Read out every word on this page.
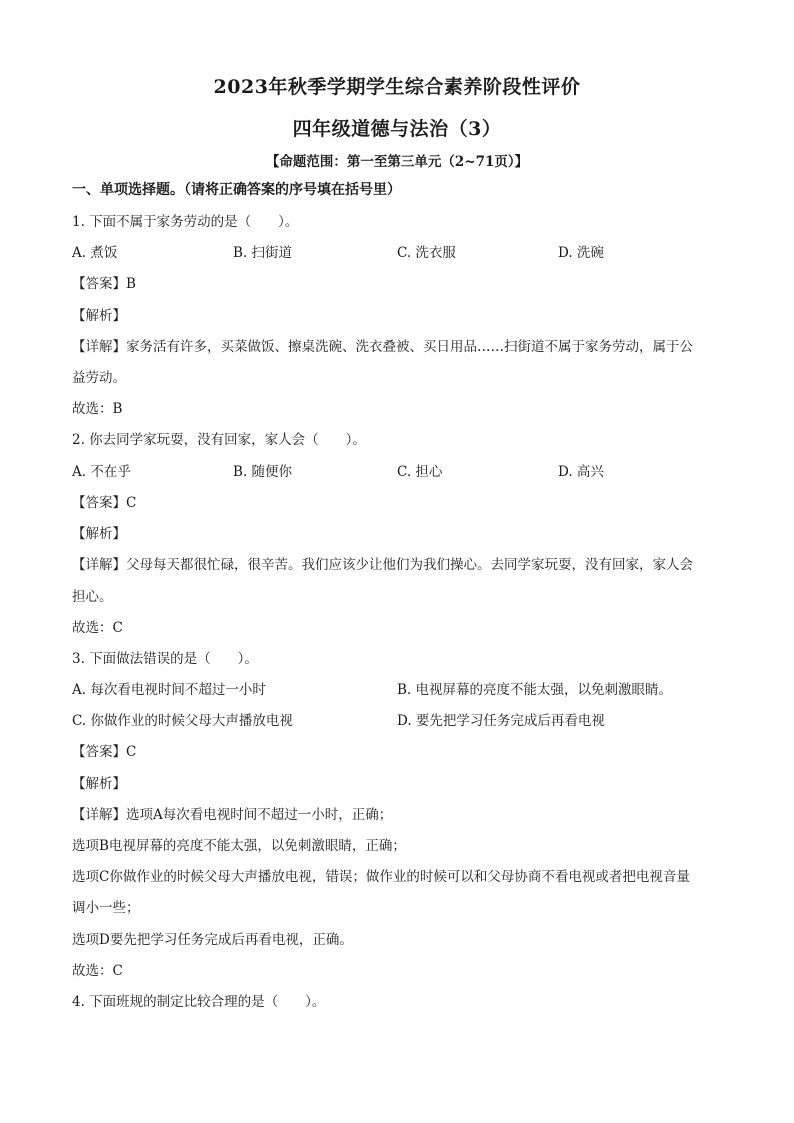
2023年秋季学期学生综合素养阶段性评价
四年级道德与法治（3）
【命题范围：第一至第三单元（2~71页）】
一、单项选择题。（请将正确答案的序号填在括号里）
1. 下面不属于家务劳动的是（　　）。
A. 煮饭	B. 扫街道	C. 洗衣服	D. 洗碗
【答案】B
【解析】
【详解】家务活有许多，买菜做饭、擦桌洗碗、洗衣叠被、买日用品……扫街道不属于家务劳动，属于公
益劳动。
故选：B
2. 你去同学家玩耍，没有回家，家人会（　　）。
A. 不在乎	B. 随便你	C. 担心	D. 高兴
【答案】C
【解析】
【详解】父母每天都很忙碌，很辛苦。我们应该少让他们为我们操心。去同学家玩耍，没有回家，家人会
担心。
故选：C
3. 下面做法错误的是（　　）。
A. 每次看电视时间不超过一小时	B. 电视屏幕的亮度不能太强，以免刺激眼睛。
C. 你做作业的时候父母大声播放电视	D. 要先把学习任务完成后再看电视
【答案】C
【解析】
【详解】选项A每次看电视时间不超过一小时，正确；
选项B电视屏幕的亮度不能太强，以免刺激眼睛，正确；
选项C你做作业的时候父母大声播放电视，错误；做作业的时候可以和父母协商不看电视或者把电视音量
调小一些；
选项D要先把学习任务完成后再看电视，正确。
故选：C
4. 下面班规的制定比较合理的是（　　）。
